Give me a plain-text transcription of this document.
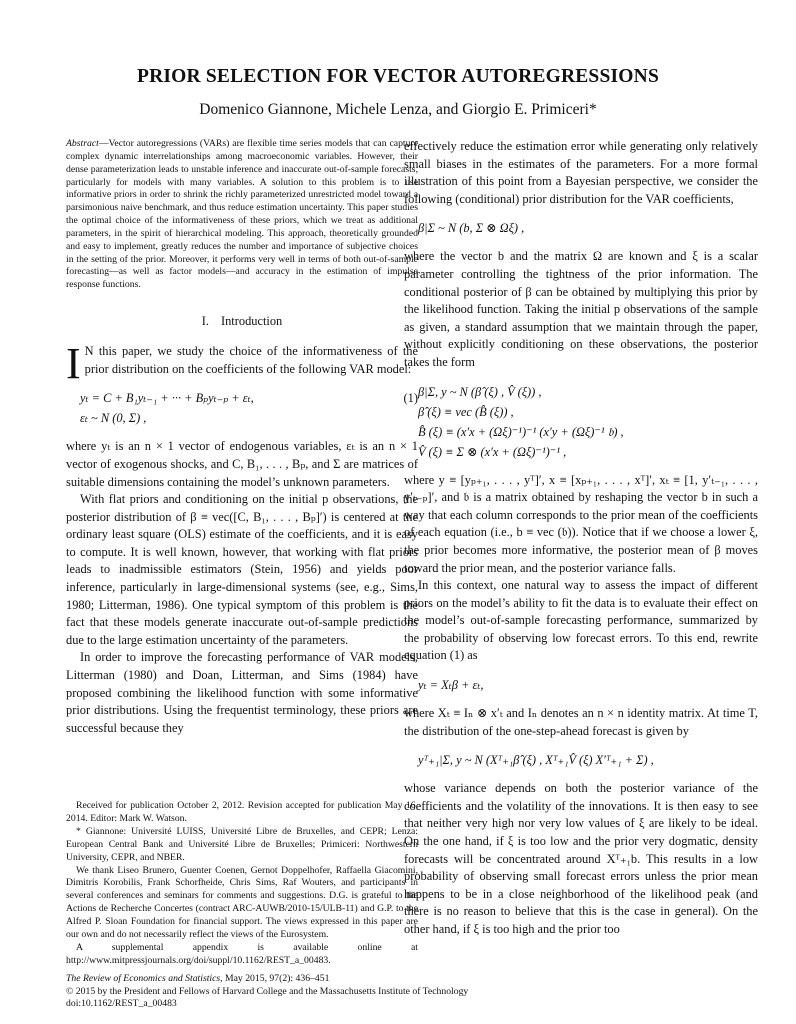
PRIOR SELECTION FOR VECTOR AUTOREGRESSIONS
Domenico Giannone, Michele Lenza, and Giorgio E. Primiceri*

Abstract—Vector autoregressions (VARs) are flexible time series models that can capture complex dynamic interrelationships among macroeconomic variables. However, their dense parameterization leads to unstable inference and inaccurate out-of-sample forecasts, particularly for models with many variables. A solution to this problem is to use informative priors in order to shrink the richly parameterized unrestricted model toward a parsimonious naive benchmark, and thus reduce estimation uncertainty. This paper studies the optimal choice of the informativeness of these priors, which we treat as additional parameters, in the spirit of hierarchical modeling. This approach, theoretically grounded and easy to implement, greatly reduces the number and importance of subjective choices in the setting of the prior. Moreover, it performs very well in terms of both out-of-sample forecasting—as well as factor models—and accuracy in the estimation of impulse response functions.

I. Introduction

I N this paper, we study the choice of the informativeness of the prior distribution on the coefficients of the following VAR model:

yₜ = C + B₁yₜ₋₁ + ··· + Bₚyₜ₋ₚ + εₜ,
εₜ ~ N (0, Σ) ,
(1)

where yₜ is an n × 1 vector of endogenous variables, εₜ is an n × 1 vector of exogenous shocks, and C, B₁, . . . , Bₚ, and Σ are matrices of suitable dimensions containing the model’s unknown parameters.

With flat priors and conditioning on the initial p observations, the posterior distribution of β ≡ vec([C, B₁, . . . , Bₚ]′) is centered at the ordinary least square (OLS) estimate of the coefficients, and it is easy to compute. It is well known, however, that working with flat priors leads to inadmissible estimators (Stein, 1956) and yields poor inference, particularly in large-dimensional systems (see, e.g., Sims, 1980; Litterman, 1986). One typical symptom of this problem is the fact that these models generate inaccurate out-of-sample predictions due to the large estimation uncertainty of the parameters.

In order to improve the forecasting performance of VAR models, Litterman (1980) and Doan, Litterman, and Sims (1984) have proposed combining the likelihood function with some informative prior distributions. Using the frequentist terminology, these priors are successful because they

Received for publication October 2, 2012. Revision accepted for publication May 16, 2014. Editor: Mark W. Watson.

* Giannone: Université LUISS, Université Libre de Bruxelles, and CEPR; Lenza: European Central Bank and Université Libre de Bruxelles; Primiceri: Northwestern University, CEPR, and NBER.

We thank Liseo Brunero, Guenter Coenen, Gernot Doppelhofer, Raffaella Giacomini, Dimitris Korobilis, Frank Schorfheide, Chris Sims, Raf Wouters, and participants in several conferences and seminars for comments and suggestions. D.G. is grateful to the Actions de Recherche Concertes (contract ARC-AUWB/2010-15/ULB-11) and G.P. to the Alfred P. Sloan Foundation for financial support. The views expressed in this paper are our own and do not necessarily reflect the views of the Eurosystem.

A supplemental appendix is available online at http://www.mitpressjournals.org/doi/suppl/10.1162/REST_a_00483.

effectively reduce the estimation error while generating only relatively small biases in the estimates of the parameters. For a more formal illustration of this point from a Bayesian perspective, we consider the following (conditional) prior distribution for the VAR coefficients,

β|Σ ~ N (b, Σ ⊗ Ωξ) ,

where the vector b and the matrix Ω are known and ξ is a scalar parameter controlling the tightness of the prior information. The conditional posterior of β can be obtained by multiplying this prior by the likelihood function. Taking the initial p observations of the sample as given, a standard assumption that we maintain through the paper, without explicitly conditioning on these observations, the posterior takes the form

β|Σ, y ~ N (β̂ (ξ) , V̂ (ξ)) ,
β̂ (ξ) ≡ vec (B̂ (ξ)) ,
B̂ (ξ) ≡ (x′x + (Ωξ)⁻¹)⁻¹ (x′y + (Ωξ)⁻¹ 𝔟) ,
V̂ (ξ) ≡ Σ ⊗ (x′x + (Ωξ)⁻¹)⁻¹ ,

where y ≡ [yₚ₊₁, . . . , yᵀ]′, x ≡ [xₚ₊₁, . . . , xᵀ]′, xₜ ≡ [1, y′ₜ₋₁, . . . , y′ₜ₋ₚ]′, and 𝔟 is a matrix obtained by reshaping the vector b in such a way that each column corresponds to the prior mean of the coefficients of each equation (i.e., b ≡ vec (𝔟)). Notice that if we choose a lower ξ, the prior becomes more informative, the posterior mean of β moves toward the prior mean, and the posterior variance falls.

In this context, one natural way to assess the impact of different priors on the model’s ability to fit the data is to evaluate their effect on the model’s out-of-sample forecasting performance, summarized by the probability of observing low forecast errors. To this end, rewrite equation (1) as

yₜ = Xₜβ + εₜ,

where Xₜ ≡ Iₙ ⊗ x′ₜ and Iₙ denotes an n × n identity matrix. At time T, the distribution of the one-step-ahead forecast is given by

yᵀ₊₁|Σ, y ~ N (Xᵀ₊₁β̂ (ξ) , Xᵀ₊₁V̂ (ξ) X′ᵀ₊₁ + Σ) ,

whose variance depends on both the posterior variance of the coefficients and the volatility of the innovations. It is then easy to see that neither very high nor very low values of ξ are likely to be ideal. On the one hand, if ξ is too low and the prior very dogmatic, density forecasts will be concentrated around Xᵀ₊₁b. This results in a low probability of observing small forecast errors unless the prior mean happens to be in a close neighborhood of the likelihood peak (and there is no reason to believe that this is the case in general). On the other hand, if ξ is too high and the prior too

The Review of Economics and Statistics, May 2015, 97(2): 436–451
© 2015 by the President and Fellows of Harvard College and the Massachusetts Institute of Technology
doi:10.1162/REST_a_00483
